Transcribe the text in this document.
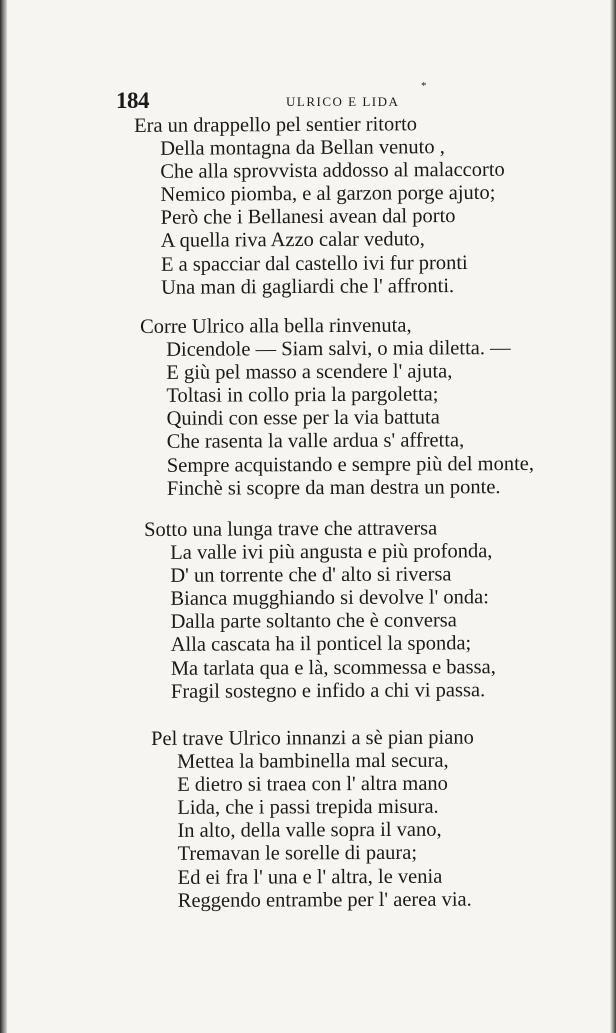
184	ULRICO E LIDA
*
Era un drappello pel sentier ritorto
Della montagna da Bellan venuto ,
Che alla sprovvista addosso al malaccorto
Nemico piomba, e al garzon porge ajuto;
Però che i Bellanesi avean dal porto
A quella riva Azzo calar veduto,
E a spacciar dal castello ivi fur pronti
Una man di gagliardi che l' affronti.
Corre Ulrico alla bella rinvenuta,
Dicendole — Siam salvi, o mia diletta. —
E giù pel masso a scendere l' ajuta,
Toltasi in collo pria la pargoletta;
Quindi con esse per la via battuta
Che rasenta la valle ardua s' affretta,
Sempre acquistando e sempre più del monte,
Finchè si scopre da man destra un ponte.
Sotto una lunga trave che attraversa
La valle ivi più angusta e più profonda,
D' un torrente che d' alto si riversa
Bianca mugghiando si devolve l' onda:
Dalla parte soltanto che è conversa
Alla cascata ha il ponticel la sponda;
Ma tarlata qua e là, scommessa e bassa,
Fragil sostegno e infido a chi vi passa.
Pel trave Ulrico innanzi a sè pian piano
Mettea la bambinella mal secura,
E dietro si traea con l' altra mano
Lida, che i passi trepida misura.
In alto, della valle sopra il vano,
Tremavan le sorelle di paura;
Ed ei fra l' una e l' altra, le venia
Reggendo entrambe per l' aerea via.
